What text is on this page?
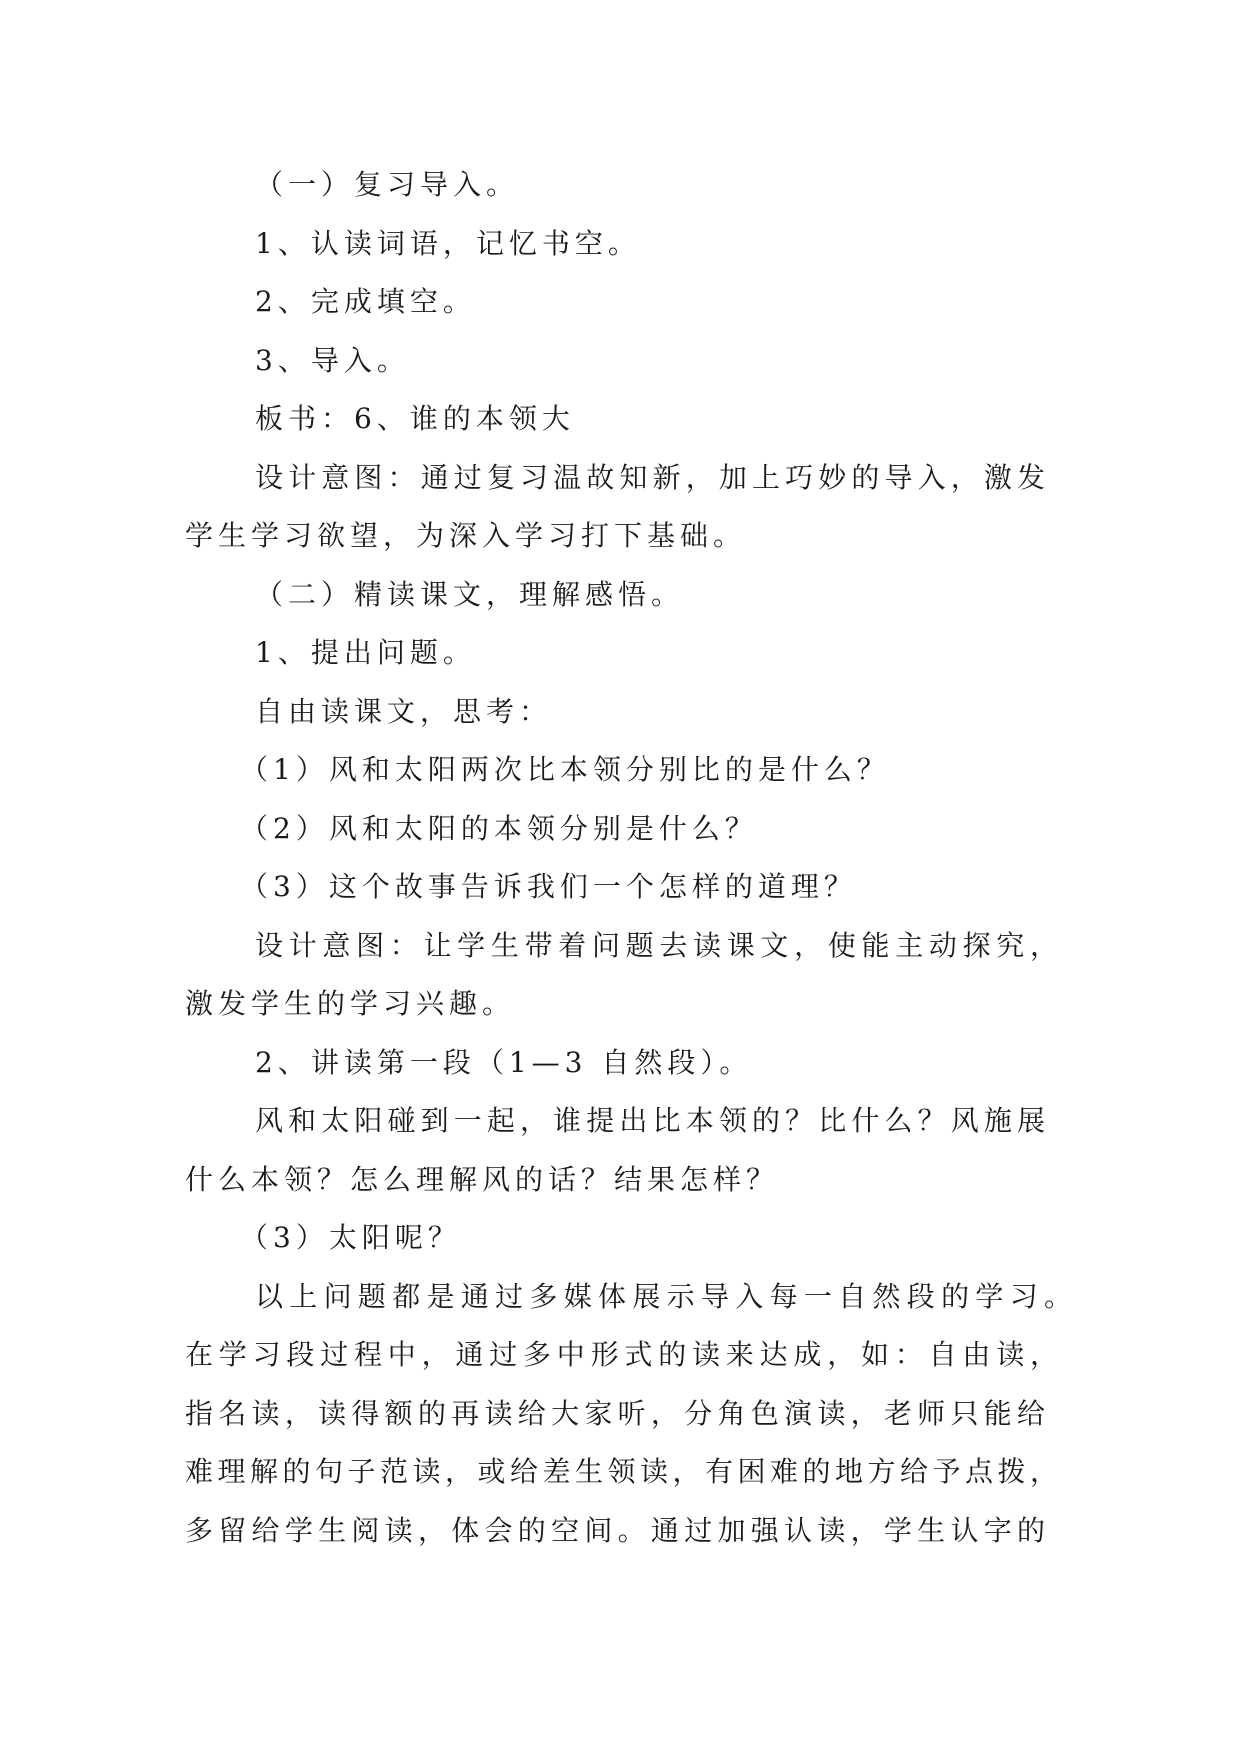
（一）复习导入。
1、认读词语，记忆书空。
2、完成填空。
3、导入。
板书：6、谁的本领大
设计意图：通过复习温故知新，加上巧妙的导入，激发
学生学习欲望，为深入学习打下基础。
（二）精读课文，理解感悟。
1、提出问题。
自由读课文，思考：
（1）风和太阳两次比本领分别比的是什么？
（2）风和太阳的本领分别是什么？
（3）这个故事告诉我们一个怎样的道理？
设计意图：让学生带着问题去读课文，使能主动探究，
激发学生的学习兴趣。
2、讲读第一段（1—3 自然段）。
风和太阳碰到一起，谁提出比本领的？比什么？风施展
什么本领？怎么理解风的话？结果怎样？
（3）太阳呢？
以上问题都是通过多媒体展示导入每一自然段的学习。
在学习段过程中，通过多中形式的读来达成，如：自由读，
指名读，读得额的再读给大家听，分角色演读，老师只能给
难理解的句子范读，或给差生领读，有困难的地方给予点拨，
多留给学生阅读，体会的空间。通过加强认读，学生认字的
